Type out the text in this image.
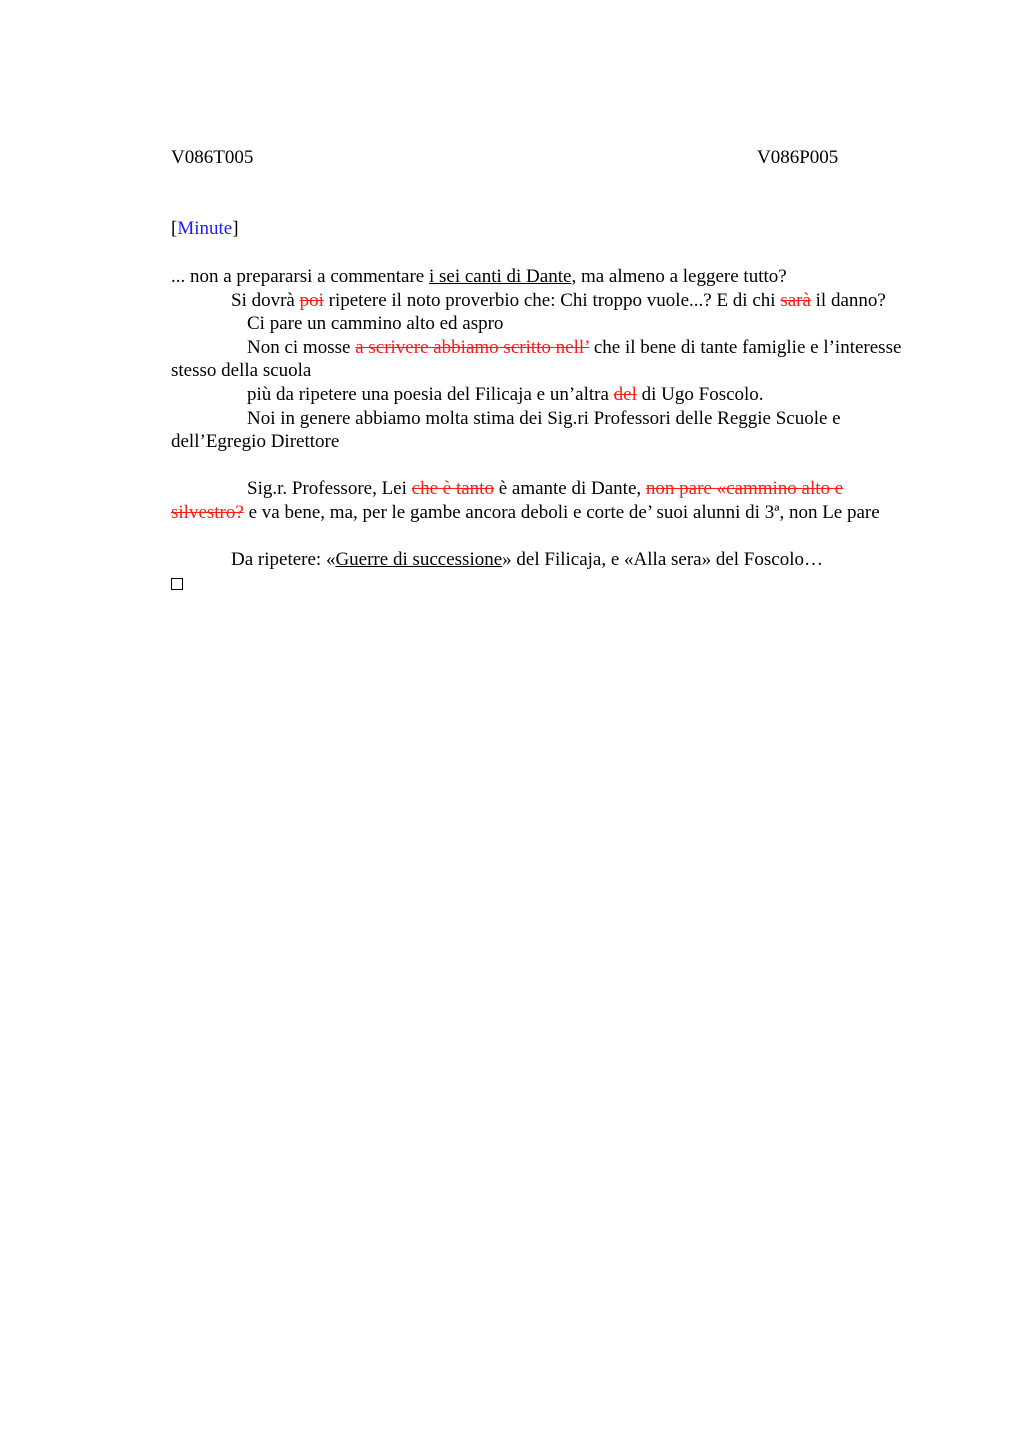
V086T005	V086P005
[Minute]

... non a prepararsi a commentare i sei canti di Dante, ma almeno a leggere tutto?

Si dovrà poi ripetere il noto proverbio che: Chi troppo vuole...? E di chi sarà il danno?

Ci pare un cammino alto ed aspro

Non ci mosse a scrivere abbiamo scritto nell’ che il bene di tante famiglie e l’interesse stesso della scuola

più da ripetere una poesia del Filicaja e un’altra del di Ugo Foscolo.

Noi in genere abbiamo molta stima dei Sig.ri Professori delle Reggie Scuole e dell’Egregio Direttore

Sig.r. Professore, Lei che è tanto è amante di Dante, non pare «cammino alto e silvestro? e va bene, ma, per le gambe ancora deboli e corte de’ suoi alunni di 3ª, non Le pare

Da ripetere: «Guerre di successione» del Filicaja, e «Alla sera» del Foscolo…
